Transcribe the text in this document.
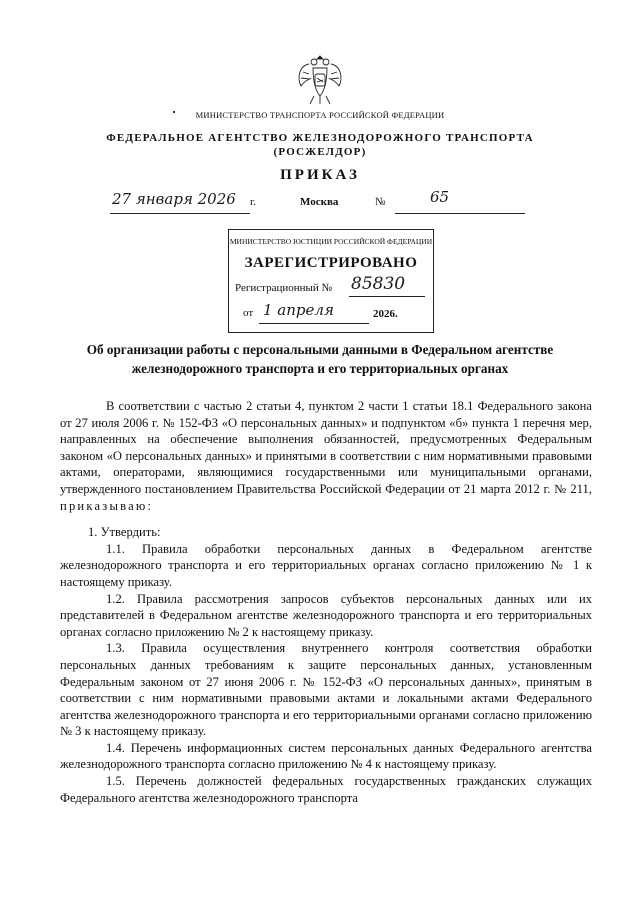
МИНИСТЕРСТВО ТРАНСПОРТА РОССИЙСКОЙ ФЕДЕРАЦИИ
ФЕДЕРАЛЬНОЕ АГЕНТСТВО ЖЕЛЕЗНОДОРОЖНОГО ТРАНСПОРТА
(РОСЖЕЛДОР)
ПРИКАЗ
27 января 2026 г.	Москва	№	65
МИНИСТЕРСТВО ЮСТИЦИИ РОССИЙСКОЙ ФЕДЕРАЦИИ
ЗАРЕГИСТРИРОВАНО
Регистрационный № 85830
от 1 апреля	2026.
Об организации работы с персональными данными в Федеральном агентстве
железнодорожного транспорта и его территориальных органах

В соответствии с частью 2 статьи 4, пунктом 2 части 1 статьи 18.1 Федерального закона от 27 июля 2006 г. № 152-ФЗ «О персональных данных» и подпунктом «б» пункта 1 перечня мер, направленных на обеспечение выполнения обязанностей, предусмотренных Федеральным законом «О персональных данных» и принятыми в соответствии с ним нормативными правовыми актами, операторами, являющимися государственными или муниципальными органами, утвержденного постановлением Правительства Российской Федерации от 21 марта 2012 г. № 211, приказываю:

1. Утвердить:

1.1. Правила обработки персональных данных в Федеральном агентстве железнодорожного транспорта и его территориальных органах согласно приложению № 1 к настоящему приказу.

1.2. Правила рассмотрения запросов субъектов персональных данных или их представителей в Федеральном агентстве железнодорожного транспорта и его территориальных органах согласно приложению № 2 к настоящему приказу.

1.3. Правила осуществления внутреннего контроля соответствия обработки персональных данных требованиям к защите персональных данных, установленным Федеральным законом от 27 июня 2006 г. № 152-ФЗ «О персональных данных», принятым в соответствии с ним нормативными правовыми актами и локальными актами Федерального агентства железнодорожного транспорта и его территориальными органами согласно приложению № 3 к настоящему приказу.

1.4. Перечень информационных систем персональных данных Федерального агентства железнодорожного транспорта согласно приложению № 4 к настоящему приказу.

1.5. Перечень должностей федеральных государственных гражданских служащих Федерального агентства железнодорожного транспорта
